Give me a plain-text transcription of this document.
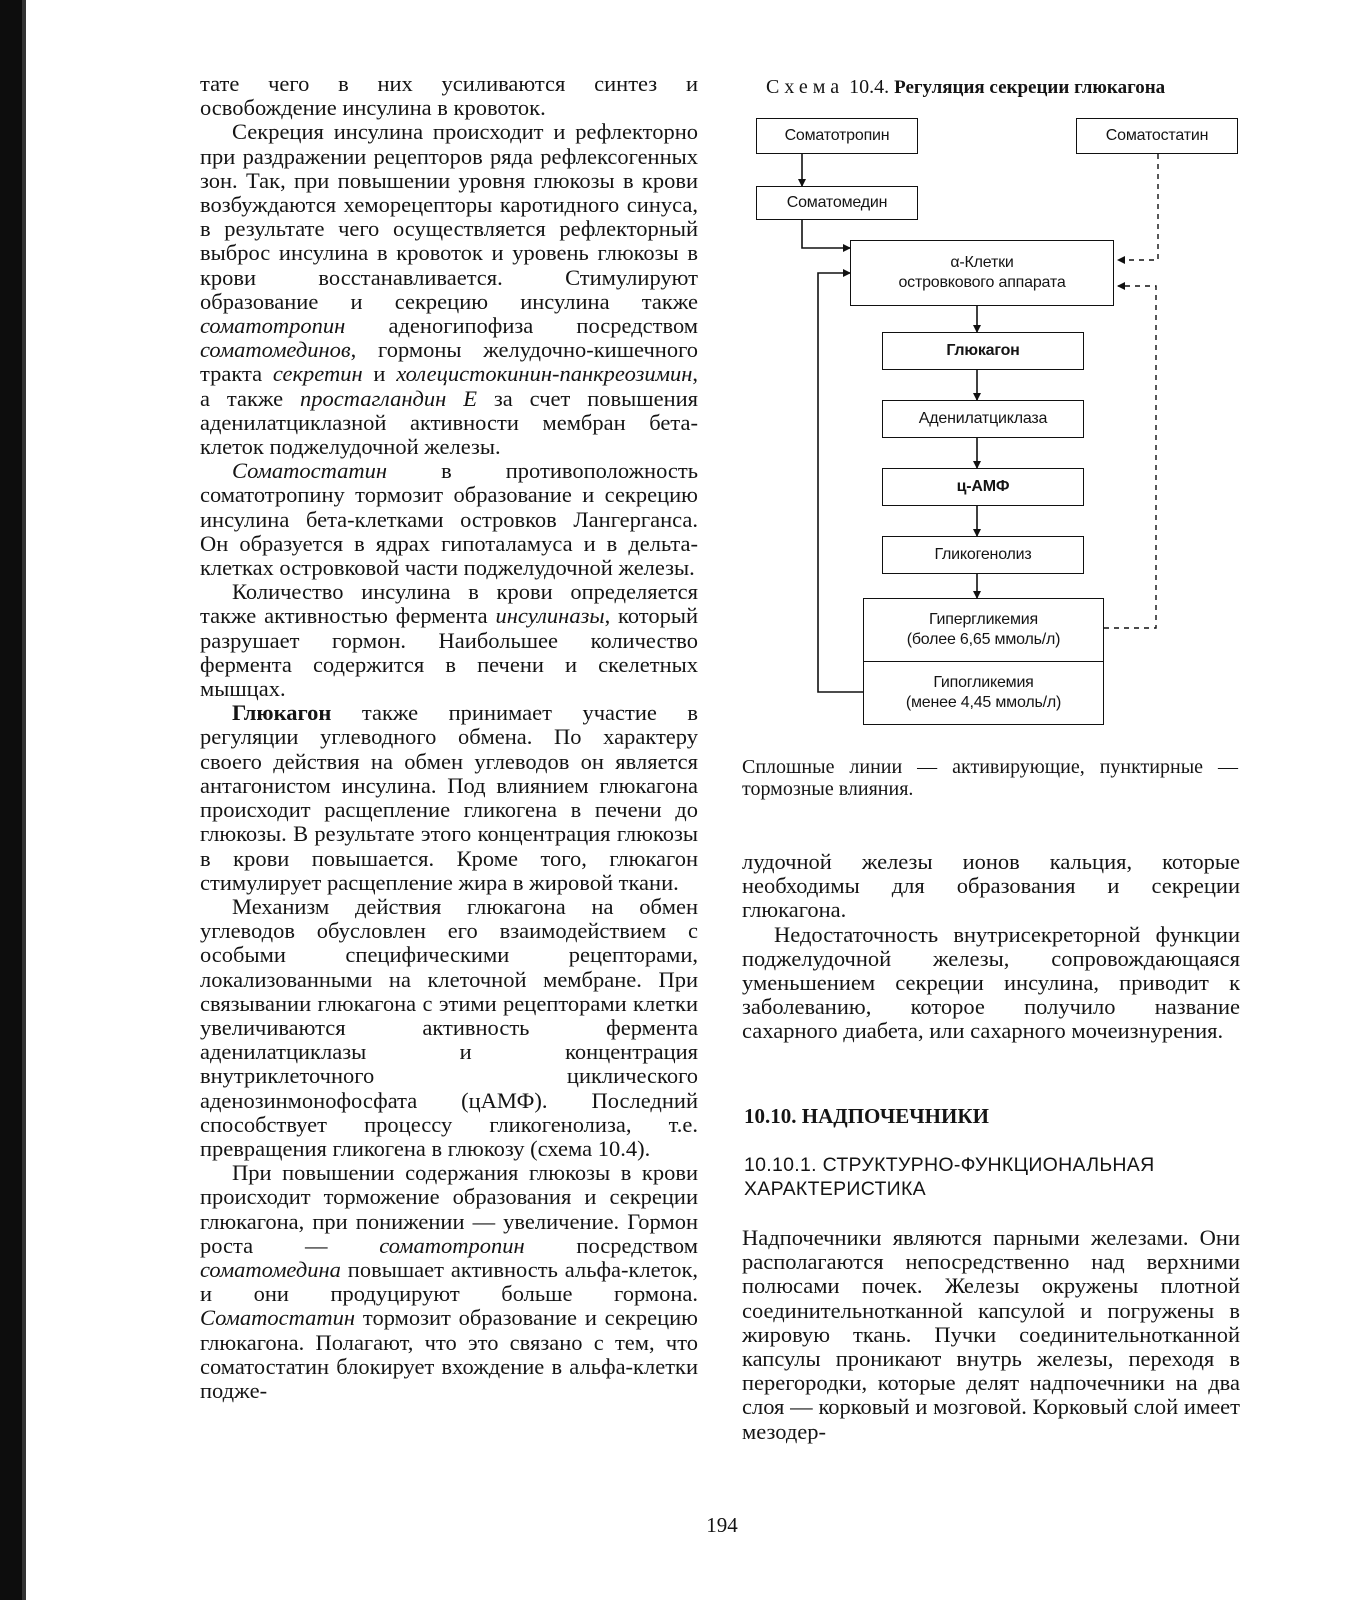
тате чего в них усиливаются синтез и освобождение инсулина в кровоток.

Секреция инсулина происходит и рефлекторно при раздражении рецепторов ряда рефлексогенных зон. Так, при повышении уровня глюкозы в крови возбуждаются хеморецепторы каротидного синуса, в результате чего осуществляется рефлекторный выброс инсулина в кровоток и уровень глюкозы в крови восстанавливается. Стимулируют образование и секрецию инсулина также соматотропин аденогипофиза посредством соматомединов, гормоны желудочно-кишечного тракта секретин и холецистокинин-панкреозимин, а также простагландин Е за счет повышения аденилатциклазной активности мембран бета-клеток поджелудочной железы.

Соматостатин в противоположность соматотропину тормозит образование и секрецию инсулина бета-клетками островков Лангерганса. Он образуется в ядрах гипоталамуса и в дельта-клетках островковой части поджелудочной железы.

Количество инсулина в крови определяется также активностью фермента инсулиназы, который разрушает гормон. Наибольшее количество фермента содержится в печени и скелетных мышцах.

Глюкагон также принимает участие в регуляции углеводного обмена. По характеру своего действия на обмен углеводов он является антагонистом инсулина. Под влиянием глюкагона происходит расщепление гликогена в печени до глюкозы. В результате этого концентрация глюкозы в крови повышается. Кроме того, глюкагон стимулирует расщепление жира в жировой ткани.

Механизм действия глюкагона на обмен углеводов обусловлен его взаимодействием с особыми специфическими рецепторами, локализованными на клеточной мембране. При связывании глюкагона с этими рецепторами клетки увеличиваются активность фермента аденилатциклазы и концентрация внутриклеточного циклического аденозинмонофосфата (цАМФ). Последний способствует процессу гликогенолиза, т.е. превращения гликогена в глюкозу (схема 10.4).

При повышении содержания глюкозы в крови происходит торможение образования и секреции глюкагона, при понижении — увеличение. Гормон роста — соматотропин посредством соматомедина повышает активность альфа-клеток, и они продуцируют больше гормона. Соматостатин тормозит образование и секрецию глюкагона. Полагают, что это связано с тем, что соматостатин блокирует вхождение в альфа-клетки поджe-

Схема 10.4. Регуляция секреции глюкагона
Соматотропин	Соматостатин
Соматомедин
α-Клетки
островкового аппарата
Глюкагон
Аденилатциклаза
ц-АМФ
Гликогенолиз
Гипергликемия
(более 6,65 ммоль/л)
Гипогликемия
(менее 4,45 ммоль/л)
Сплошные линии — активирующие, пунктирные — тормозные влияния.

лудочной железы ионов кальция, которые необходимы для образования и секреции глюкагона.

Недостаточность внутрисекреторной функции поджелудочной железы, сопровождающаяся уменьшением секреции инсулина, приводит к заболеванию, которое получило название сахарного диабета, или сахарного мочеизнурения.

10.10. НАДПОЧЕЧНИКИ
10.10.1. СТРУКТУРНО-ФУНКЦИОНАЛЬНАЯ ХАРАКТЕРИСТИКА

Надпочечники являются парными железами. Они располагаются непосредственно над верхними полюсами почек. Железы окружены плотной соединительнотканной капсулой и погружены в жировую ткань. Пучки соединительнотканной капсулы проникают внутрь железы, переходя в перегородки, которые делят надпочечники на два слоя — корковый и мозговой. Корковый слой имеет мезодер-

194
